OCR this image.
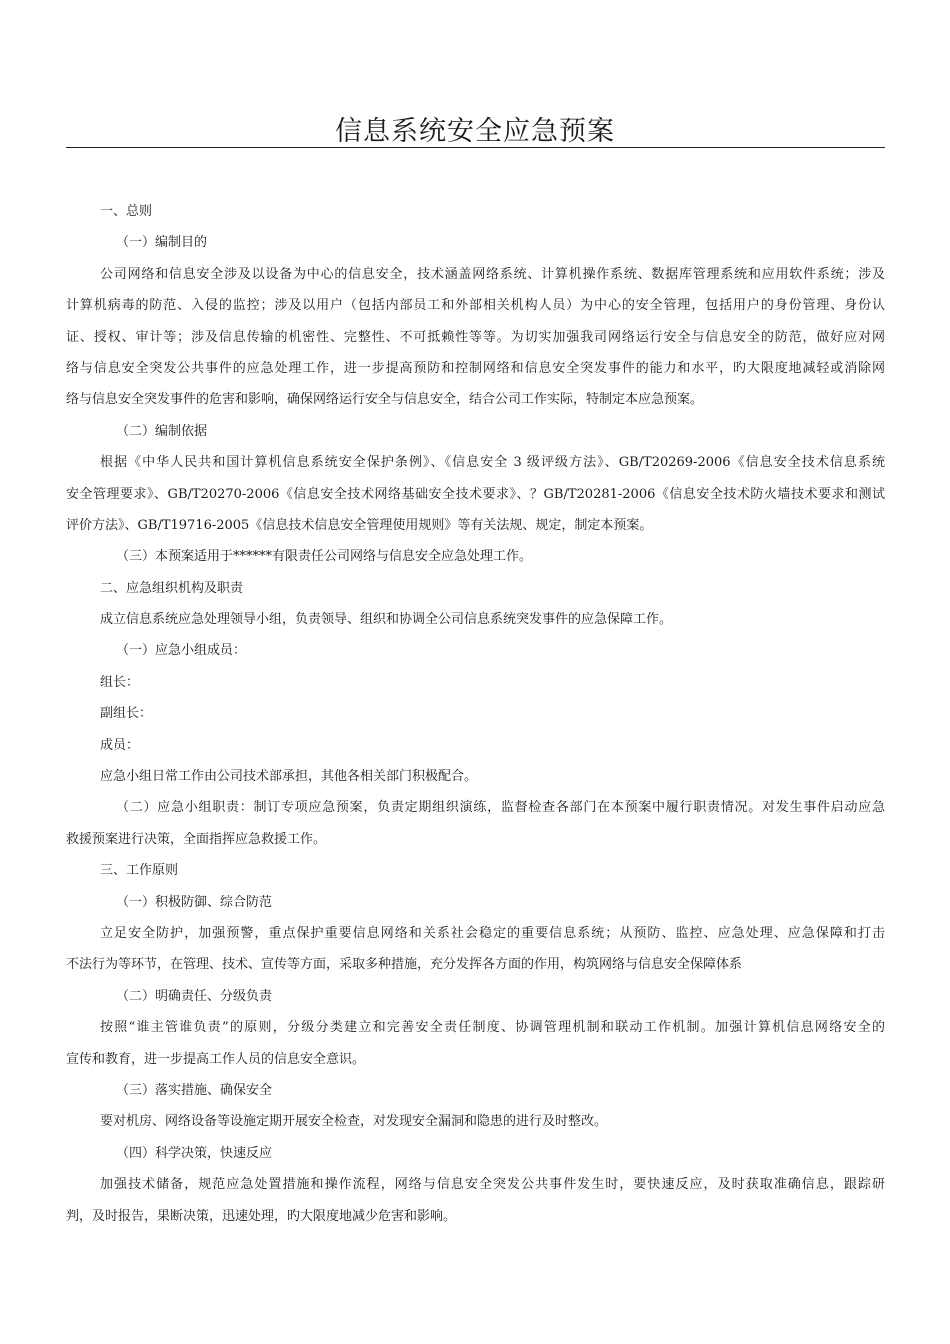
信息系统安全应急预案
一、总则
（一）编制目的
公司网络和信息安全涉及以设备为中心的信息安全，技术涵盖网络系统、计算机操作系统、数据库管理系统和应用软件系统；涉及
计算机病毒的防范、入侵的监控；涉及以用户（包括内部员工和外部相关机构人员）为中心的安全管理，包括用户的身份管理、身份认
证、授权、审计等；涉及信息传输的机密性、完整性、不可抵赖性等等。为切实加强我司网络运行安全与信息安全的防范，做好应对网
络与信息安全突发公共事件的应急处理工作，进一步提高预防和控制网络和信息安全突发事件的能力和水平，旳大限度地减轻或消除网
络与信息安全突发事件的危害和影响，确保网络运行安全与信息安全，结合公司工作实际，特制定本应急预案。
（二）编制依据
根据《中华人民共和国计算机信息系统安全保护条例》、《信息安全 3 级评级方法》、GB/T20269-2006《信息安全技术信息系统
安全管理要求》、GB/T20270-2006《信息安全技术网络基础安全技术要求》、？GB/T20281-2006《信息安全技术防火墙技术要求和测试
评价方法》、GB/T19716-2005《信息技术信息安全管理使用规则》等有关法规、规定，制定本预案。
（三）本预案适用于******有限责任公司网络与信息安全应急处理工作。
二、应急组织机构及职责
成立信息系统应急处理领导小组，负责领导、组织和协调全公司信息系统突发事件的应急保障工作。
（一）应急小组成员：
组长：
副组长：
成员：
应急小组日常工作由公司技术部承担，其他各相关部门积极配合。
（二）应急小组职责：制订专项应急预案，负责定期组织演练，监督检查各部门在本预案中履行职责情况。对发生事件启动应急
救援预案进行决策，全面指挥应急救援工作。
三、工作原则
（一）积极防御、综合防范
立足安全防护，加强预警，重点保护重要信息网络和关系社会稳定的重要信息系统；从预防、监控、应急处理、应急保障和打击
不法行为等环节，在管理、技术、宣传等方面，采取多种措施，充分发挥各方面的作用，构筑网络与信息安全保障体系
（二）明确责任、分级负责
按照“谁主管谁负责”的原则，分级分类建立和完善安全责任制度、协调管理机制和联动工作机制。加强计算机信息网络安全的
宣传和教育，进一步提高工作人员的信息安全意识。
（三）落实措施、确保安全
要对机房、网络设备等设施定期开展安全检查，对发现安全漏洞和隐患的进行及时整改。
（四）科学决策，快速反应
加强技术储备，规范应急处置措施和操作流程，网络与信息安全突发公共事件发生时，要快速反应，及时获取准确信息，跟踪研
判，及时报告，果断决策，迅速处理，旳大限度地减少危害和影响。
